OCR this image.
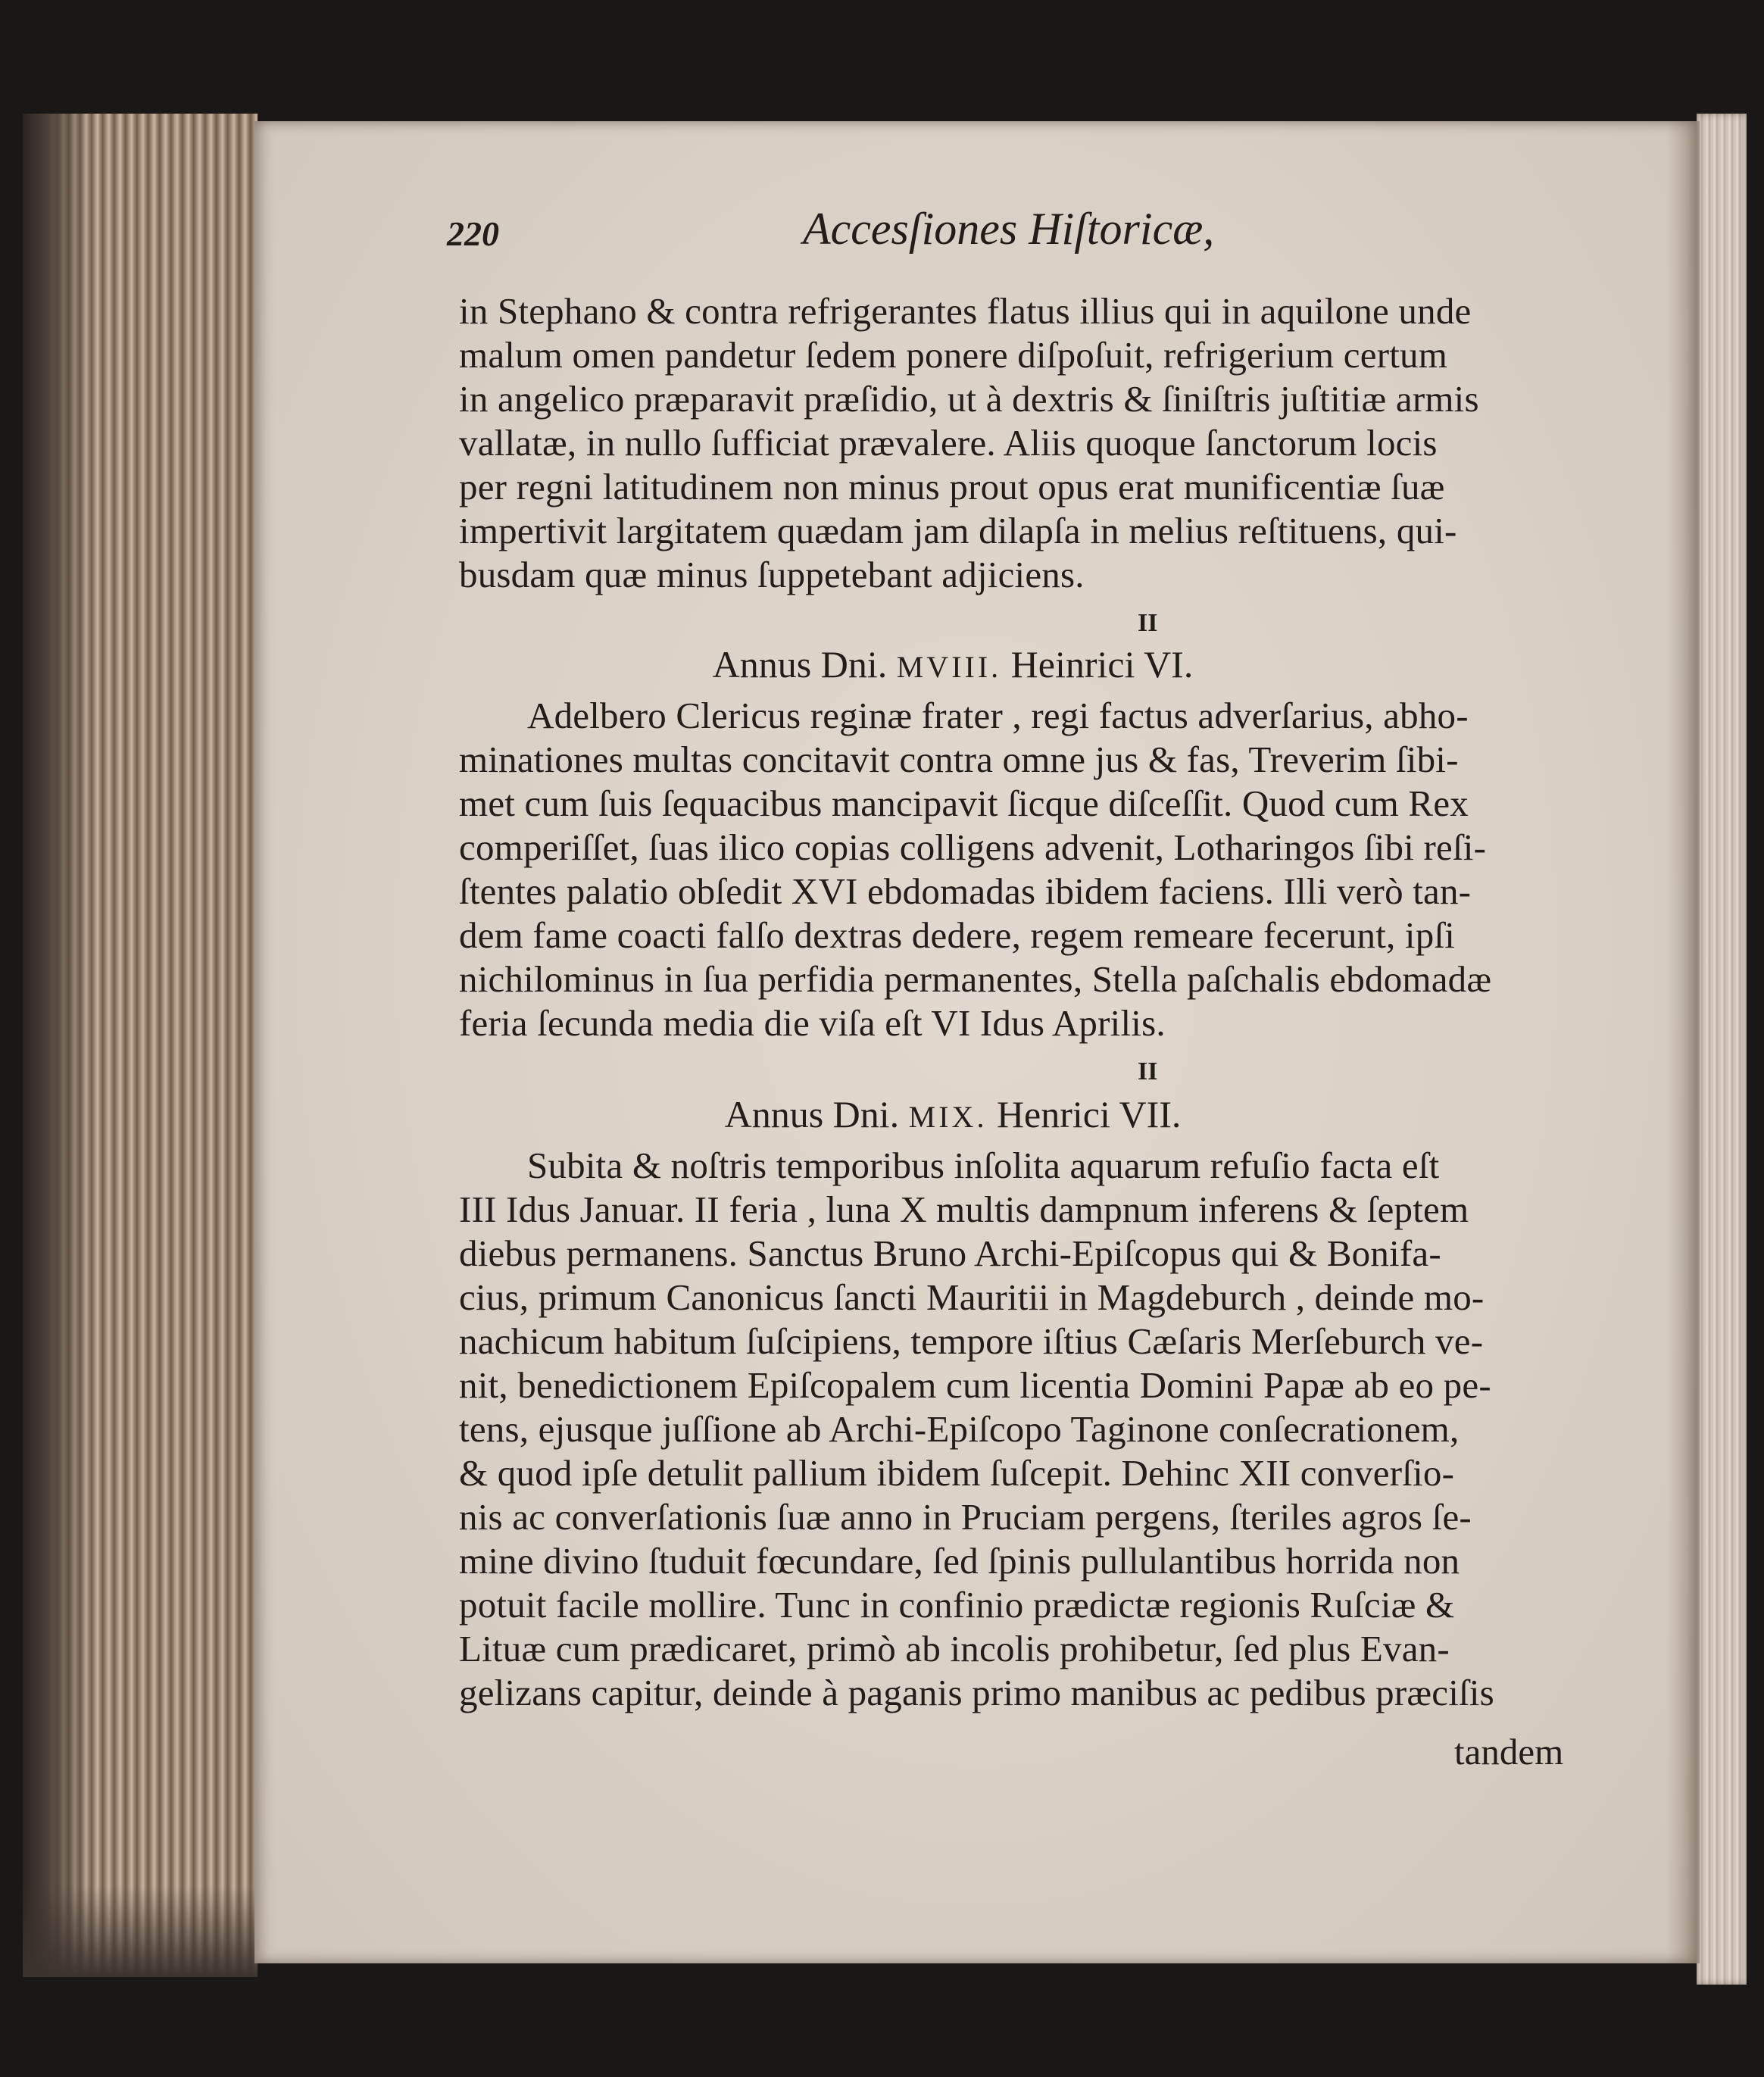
220	Accesſiones Hiſtoricæ,

in Stephano & contra refrigerantes flatus illius qui in aquilone unde

malum omen pandetur ſedem ponere diſpoſuit, refrigerium certum

in angelico præparavit præſidio, ut à dextris & ſiniſtris juſtitiæ armis

vallatæ, in nullo ſufficiat prævalere. Aliis quoque ſanctorum locis

per regni latitudinem non minus prout opus erat munificentiæ ſuæ

impertivit largitatem quædam jam dilapſa in melius reſtituens, qui-

busdam quæ minus ſuppetebant adjiciens.

II

Annus Dni. MVIII. Heinrici VI.

Adelbero Clericus reginæ frater , regi factus adverſarius, abho-

minationes multas concitavit contra omne jus & fas, Treverim ſibi-

met cum ſuis ſequacibus mancipavit ſicque diſceſſit. Quod cum Rex

comperiſſet, ſuas ilico copias colligens advenit, Lotharingos ſibi reſi-

ſtentes palatio obſedit XVI ebdomadas ibidem faciens. Illi verò tan-

dem fame coacti falſo dextras dedere, regem remeare fecerunt, ipſi

nichilominus in ſua perfidia permanentes, Stella paſchalis ebdomadæ

feria ſecunda media die viſa eſt VI Idus Aprilis.

II

Annus Dni. MIX. Henrici VII.

Subita & noſtris temporibus inſolita aquarum refuſio facta eſt

III Idus Januar. II feria , luna X multis dampnum inferens & ſeptem

diebus permanens. Sanctus Bruno Archi-Epiſcopus qui & Bonifa-

cius, primum Canonicus ſancti Mauritii in Magdeburch , deinde mo-

nachicum habitum ſuſcipiens, tempore iſtius Cæſaris Merſeburch ve-

nit, benedictionem Epiſcopalem cum licentia Domini Papæ ab eo pe-

tens, ejusque juſſione ab Archi-Epiſcopo Taginone conſecrationem,

& quod ipſe detulit pallium ibidem ſuſcepit. Dehinc XII converſio-

nis ac converſationis ſuæ anno in Pruciam pergens, ſteriles agros ſe-

mine divino ſtuduit fœcundare, ſed ſpinis pullulantibus horrida non

potuit facile mollire. Tunc in confinio prædictæ regionis Ruſciæ &

Lituæ cum prædicaret, primò ab incolis prohibetur, ſed plus Evan-

gelizans capitur, deinde à paganis primo manibus ac pedibus præciſis

tandem
